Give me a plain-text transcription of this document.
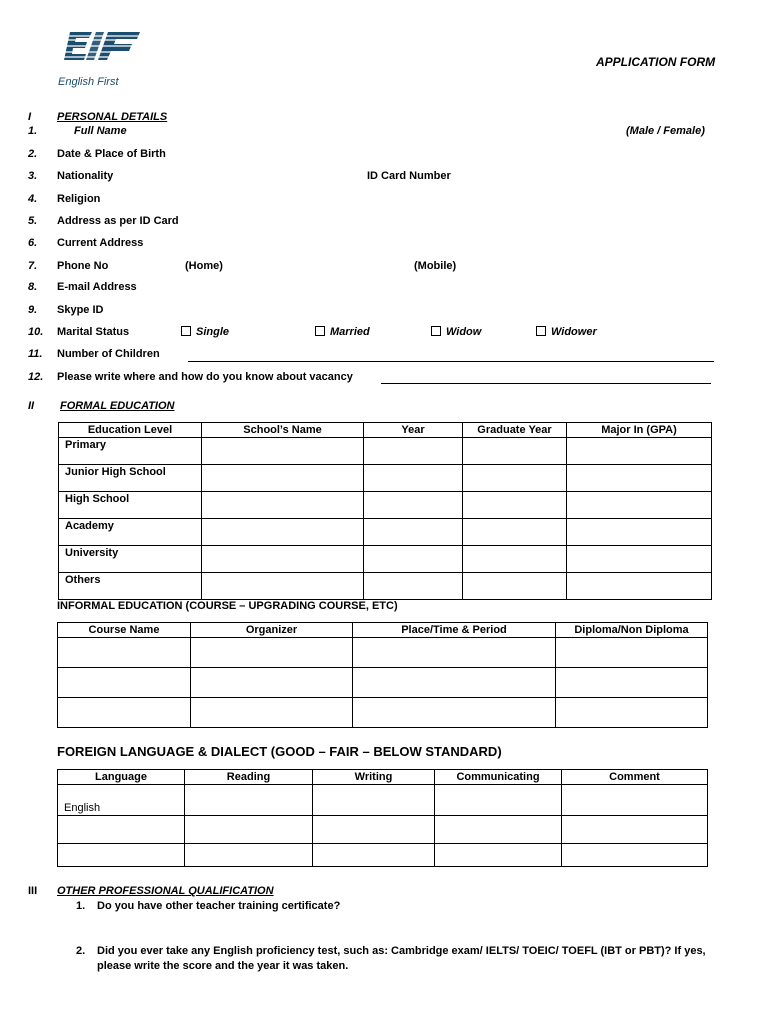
English First
APPLICATION FORM
I PERSONAL DETAILS
1.	Full Name	(Male / Female)
2. Date & Place of Birth
3. Nationality	ID Card Number
4. Religion
5. Address as per ID Card
6. Current Address
7. Phone No	(Home)	(Mobile)
8. E-mail Address
9. Skype ID
10. Marital Status	Single	Married	Widow	Widower
11. Number of Children
12. Please write where and how do you know about vacancy
II FORMAL EDUCATION
Education Level	School’s Name	Year	Graduate Year	Major In (GPA)
Primary				
Junior High School				
High School				
Academy				
University				
Others				
INFORMAL EDUCATION (COURSE – UPGRADING COURSE, ETC)
Course Name	Organizer	Place/Time & Period	Diploma/Non Diploma

FOREIGN LANGUAGE & DIALECT (GOOD – FAIR – BELOW STANDARD)
Language	Reading	Writing	Communicating	Comment
English				

III OTHER PROFESSIONAL QUALIFICATION
1. Do you have other teacher training certificate?
2. Did you ever take any English proficiency test, such as: Cambridge exam/ IELTS/ TOEIC/ TOEFL (IBT or PBT)? If yes,
please write the score and the year it was taken.
